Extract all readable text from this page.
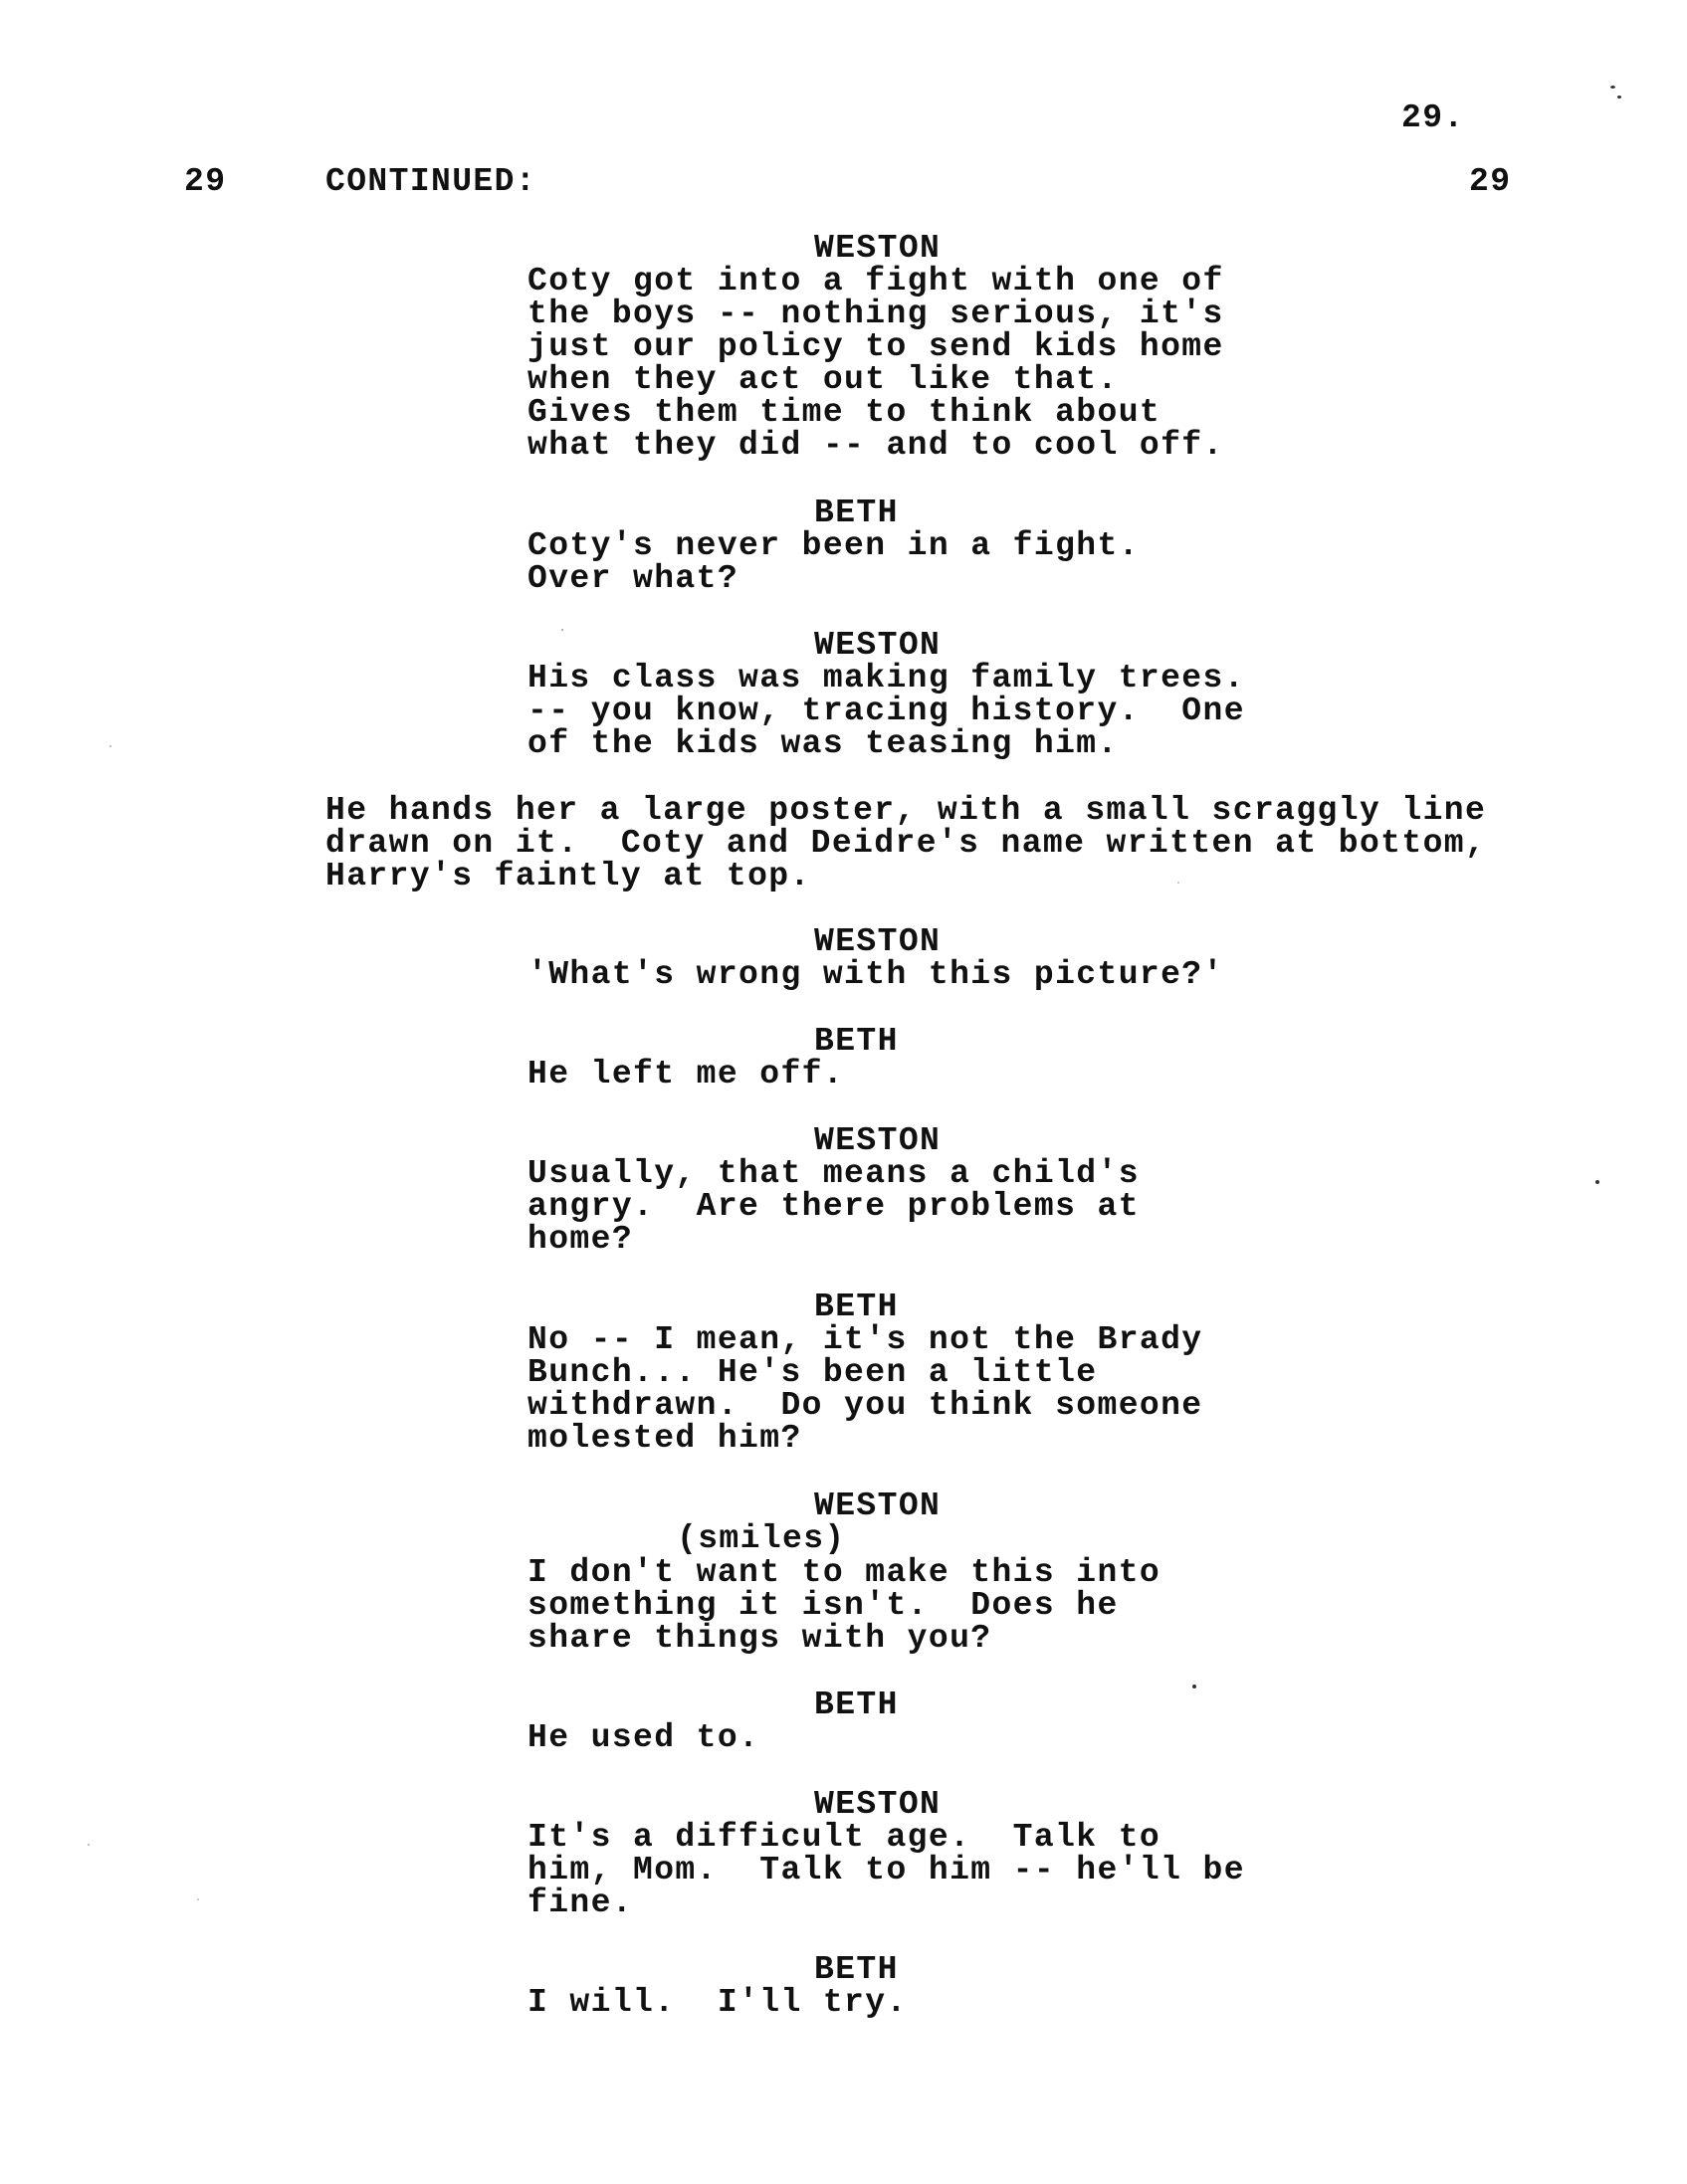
29.
29	CONTINUED:	29
WESTON
Coty got into a fight with one of
the boys -- nothing serious, it's
just our policy to send kids home
when they act out like that.
Gives them time to think about
what they did -- and to cool off.
BETH
Coty's never been in a fight.
Over what?
WESTON
His class was making family trees.
-- you know, tracing history.  One
of the kids was teasing him.
He hands her a large poster, with a small scraggly line
drawn on it.  Coty and Deidre's name written at bottom,
Harry's faintly at top.
WESTON
'What's wrong with this picture?'
BETH
He left me off.
WESTON
Usually, that means a child's
angry.  Are there problems at
home?
BETH
No -- I mean, it's not the Brady
Bunch... He's been a little
withdrawn.  Do you think someone
molested him?
WESTON
(smiles)
I don't want to make this into
something it isn't.  Does he
share things with you?
BETH
He used to.
WESTON
It's a difficult age.  Talk to
him, Mom.  Talk to him -- he'll be
fine.
BETH
I will.  I'll try.
